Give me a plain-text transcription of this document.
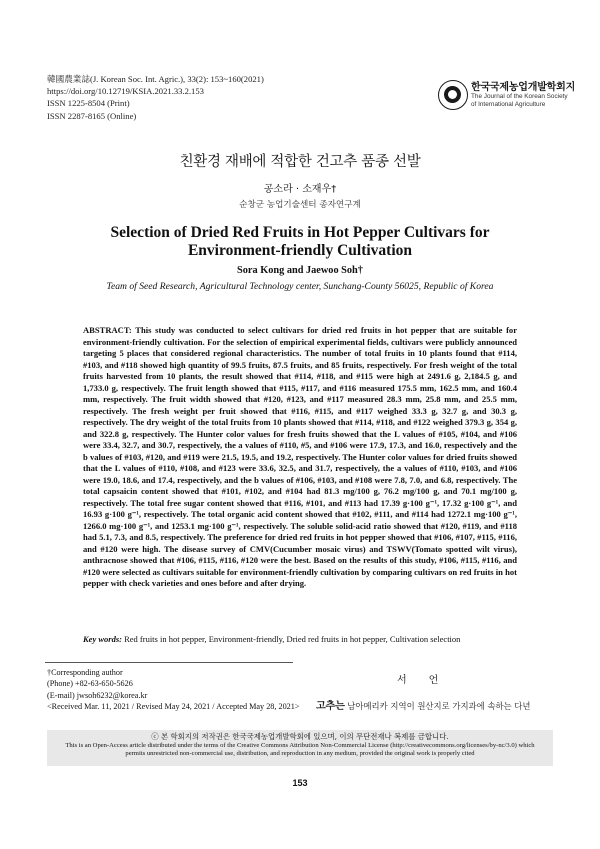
韓國農業誌(J. Korean Soc. Int. Agric.), 33(2): 153~160(2021)
https://doi.org/10.12719/KSIA.2021.33.2.153
ISSN 1225-8504 (Print)
ISSN 2287-8165 (Online)
한국국제농업개발학회지
The Journal of the Korean Society
of International Agriculture
친환경 재배에 적합한 건고추 품종 선발
공소라 · 소재우†
순창군 농업기술센터 종자연구계
Selection of Dried Red Fruits in Hot Pepper Cultivars for
Environment-friendly Cultivation
Sora Kong and Jaewoo Soh†
Team of Seed Research, Agricultural Technology center, Sunchang-County 56025, Republic of Korea
ABSTRACT: This study was conducted to select cultivars for dried red fruits in hot pepper that are suitable for environment-friendly cultivation. For the selection of empirical experimental fields, cultivars were publicly announced targeting 5 places that considered regional characteristics. The number of total fruits in 10 plants found that #114, #103, and #118 showed high quantity of 99.5 fruits, 87.5 fruits, and 85 fruits, respectively. For fresh weight of the total fruits harvested from 10 plants, the result showed that #114, #118, and #115 were high at 2491.6 g, 2,184.5 g, and 1,733.0 g, respectively. The fruit length showed that #115, #117, and #116 measured 175.5 mm, 162.5 mm, and 160.4 mm, respectively. The fruit width showed that #120, #123, and #117 measured 28.3 mm, 25.8 mm, and 25.5 mm, respectively. The fresh weight per fruit showed that #116, #115, and #117 weighed 33.3 g, 32.7 g, and 30.3 g, respectively. The dry weight of the total fruits from 10 plants showed that #114, #118, and #122 weighed 379.3 g, 354 g, and 322.8 g, respectively. The Hunter color values for fresh fruits showed that the L values of #105, #104, and #106 were 33.4, 32.7, and 30.7, respectively, the a values of #110, #5, and #106 were 17.9, 17.3, and 16.0, respectively and the b values of #103, #120, and #119 were 21.5, 19.5, and 19.2, respectively. The Hunter color values for dried fruits showed that the L values of #110, #108, and #123 were 33.6, 32.5, and 31.7, respectively, the a values of #110, #103, and #106 were 19.0, 18.6, and 17.4, respectively, and the b values of #106, #103, and #108 were 7.8, 7.0, and 6.8, respectively. The total capsaicin content showed that #101, #102, and #104 had 81.3 mg/100 g, 76.2 mg/100 g, and 70.1 mg/100 g, respectively. The total free sugar content showed that #116, #101, and #113 had 17.39 g·100 g⁻¹, 17.32 g·100 g⁻¹, and 16.93 g·100 g⁻¹, respectively. The total organic acid content showed that #102, #111, and #114 had 1272.1 mg·100 g⁻¹, 1266.0 mg·100 g⁻¹, and 1253.1 mg·100 g⁻¹, respectively. The soluble solid-acid ratio showed that #120, #119, and #118 had 5.1, 7.3, and 8.5, respectively. The preference for dried red fruits in hot pepper showed that #106, #107, #115, #116, and #120 were high. The disease survey of CMV(Cucumber mosaic virus) and TSWV(Tomato spotted wilt virus), anthracnose showed that #106, #115, #116, #120 were the best. Based on the results of this study, #106, #115, #116, and #120 were selected as cultivars suitable for environment-friendly cultivation by comparing cultivars on red fruits in hot pepper with check varieties and ones before and after drying.
Key words: Red fruits in hot pepper, Environment-friendly, Dried red fruits in hot pepper, Cultivation selection
†Corresponding author
(Phone) +82-63-650-5626
(E-mail) jwsoh6232@korea.kr
<Received Mar. 11, 2021 / Revised May 24, 2021 / Accepted May 28, 2021>
서 언
고추는 남아메리카 지역이 원산지로 가지과에 속하는 다년
ⓒ 본 학회지의 저작권은 한국국제농업개발학회에 있으며, 이의 무단전재나 복제를 금합니다.
This is an Open-Access article distributed under the terms of the Creative Commons Attribution Non-Commercial License (http://creativecommons.org/licenses/by-nc/3.0) which
permits unrestricted non-commercial use, distribution, and reproduction in any medium, provided the original work is properly cited
153
